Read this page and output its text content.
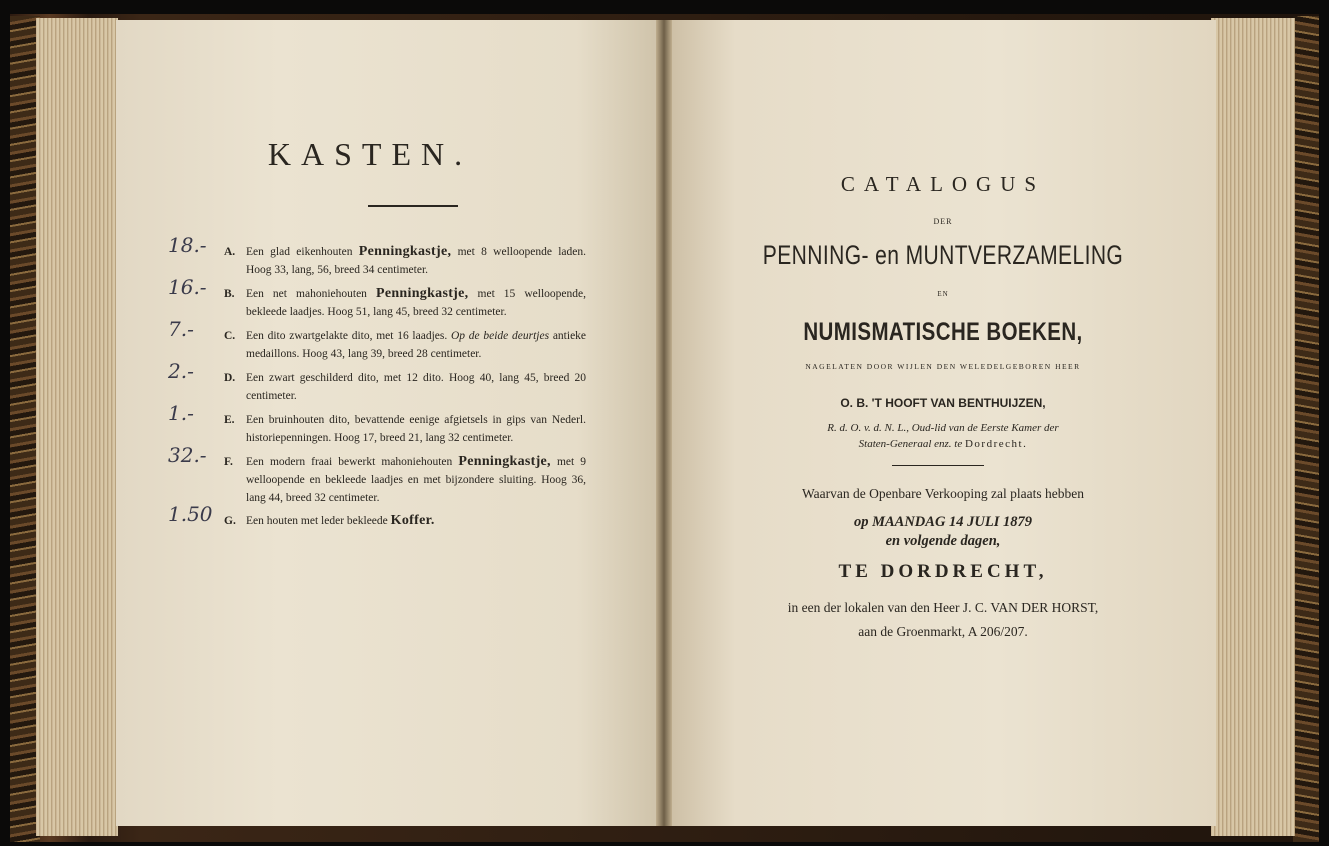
KASTEN.
18.-	A. Een glad eikenhouten Penningkastje, met 8 welloopende laden. Hoog 33, lang, 56, breed 34 centimeter.
16.-	B. Een net mahoniehouten Penningkastje, met 15 welloopende, bekleede laadjes. Hoog 51, lang 45, breed 32 centimeter.
7.-	C. Een dito zwartgelakte dito, met 16 laadjes. Op de beide deurtjes antieke medaillons. Hoog 43, lang 39, breed 28 centimeter.
2.-	D. Een zwart geschilderd dito, met 12 dito. Hoog 40, lang 45, breed 20 centimeter.
1.-	E. Een bruinhouten dito, bevattende eenige afgietsels in gips van Nederl. historiepenningen. Hoog 17, breed 21, lang 32 centimeter.
32.-	F.	Een modern fraai bewerkt mahoniehouten Penningkastje, met 9 welloopende en bekleede laadjes en met bijzondere sluiting. Hoog 36, lang 44, breed 32 centimeter.
1.50 G. Een houten met leder bekleede Koffer.
CATALOGUS
DER
PENNING- en MUNTVERZAMELING
EN
NUMISMATISCHE BOEKEN,
NAGELATEN DOOR WIJLEN DEN WELEDELGEBOREN HEER
O. B. 'T HOOFT VAN BENTHUIJZEN,
R. d. O. v. d. N. L., Oud-lid van de Eerste Kamer der
Staten-Generaal enz. te Dordrecht.
Waarvan de Openbare Verkooping zal plaats hebben
op MAANDAG 14 JULI 1879
en volgende dagen,
TE DORDRECHT,
in een der lokalen van den Heer J. C. VAN DER HORST,
aan de Groenmarkt, A 206/207.
